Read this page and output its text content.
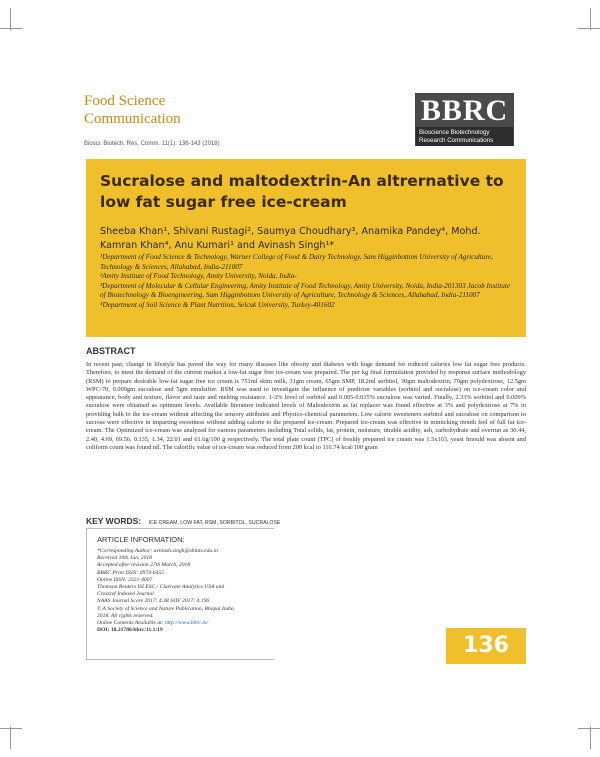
Food Science
Communication
Biosci. Biotech. Res. Comm. 11(1): 136-143 (2018)
BBRC
Bioscience Biotechnology
Research Communications
Sucralose and maltodextrin-An altrernative to low fat sugar free ice-cream
Sheeba Khan¹, Shivani Rustagi², Saumya Choudhary³, Anamika Pandey⁴, Mohd. Kamran Khan⁴, Anu Kumari¹ and Avinash Singh¹*

¹Department of Food Science & Technology, Warner College of Food & Dairy Technology, Sam Higginbottom University of Agriculture, Technology & Sciences, Allahabad, India-211007

²Amity Institute of Food Technology, Amity University, Noida, India-

³Department of Molecular & Cellular Engineering, Amity Institute of Food Technology, Amity University, Noida, India-201303 Jacob Institute of Biotechnology & Bioengineering, Sam Higginbottom University of Agriculture, Technology & Sciences, Allahabad, India-211007

⁴Department of Soil Science & Plant Nutrition, Selcuk University, Turkey-401602

ABSTRACT
In recent past; change in lifestyle has paved the way for many diseases like obesity and diabetes with huge demand for reduced calories low fat sugar free products. Therefore, to meet the demand of the current market a low-fat sugar free ice-cream was prepared. The per kg final formulation provided by response surface methodology (RSM) to prepare desirable low-fat sugar free ice cream is 751ml skim milk, 31gm cream, 65gm SMP, 18.2ml sorbitol, 30gm maltodextrin, 70gm polydextrose, 12.5gm WPC-70, 0.009gm sucralose and 5gm emulsifier. RSM was used to investigate the influence of predictor variables (sorbitol and sucralose) on ice-cream color and appearance, body and texture, flavor and taste and melting resistance. 1-3% level of sorbitol and 0.005-0.015% sucralose was varied. Finally, 2.33% sorbitol and 0.009% sucralose were obtained as optimum levels. Available literature indicated levels of Maltodextrin as fat replacer was found effective at 3% and polydextrose at 7% in providing bulk to the ice-cream without affecting the sensory attributes and Physico-chemical parameters. Low calorie sweeteners sorbitol and sucralose on comparison to sucrose were effective in imparting sweetness without adding calorie to the prepared ice-cream. Prepared ice-cream was effective in mimicking mouth feel of full fat ice-cream. The Optimized ice-cream was analyzed for various parameters including Total solids, fat, protein, moisture, titrable acidity, ash, carbohydrate and overrun as 30.44, 2.40, 4.69, 69.56, 0.135, 1.34, 22.01 and 61.6g/100 g respectively. The total plate count (TPC) of freshly prepared ice cream was 1.5x103, yeast fmould was absent and coliform count was found nil. The calorific value of ice-cream was reduced from 200 kcal to 116.74 kcal/100 gram
KEY WORDS: ICE CREAM, LOW FAT, RSM, SORBITOL, SUCRALOSE
ARTICLE INFORMATION:
*Corresponding Author: avinash.singh@shiats.edu.in
Received 10th Jan, 2018
Accepted after revision 27th March, 2018
BBRC Print ISSN: 0974-6455
Online ISSN: 2321-4007
Thomson Reuters ISI ESC / Clarivate Analytics USA and
Crossref Indexed Journal
NAAS Journal Score 2017: 4.38 SJIF 2017: 4.196
© A Society of Science and Nature Publication, Bhopal India
2018. All rights reserved.
Online Contents Available at: http://www.bbrc.in/
DOI: 10.21786/bbrc/11.1/19
136
